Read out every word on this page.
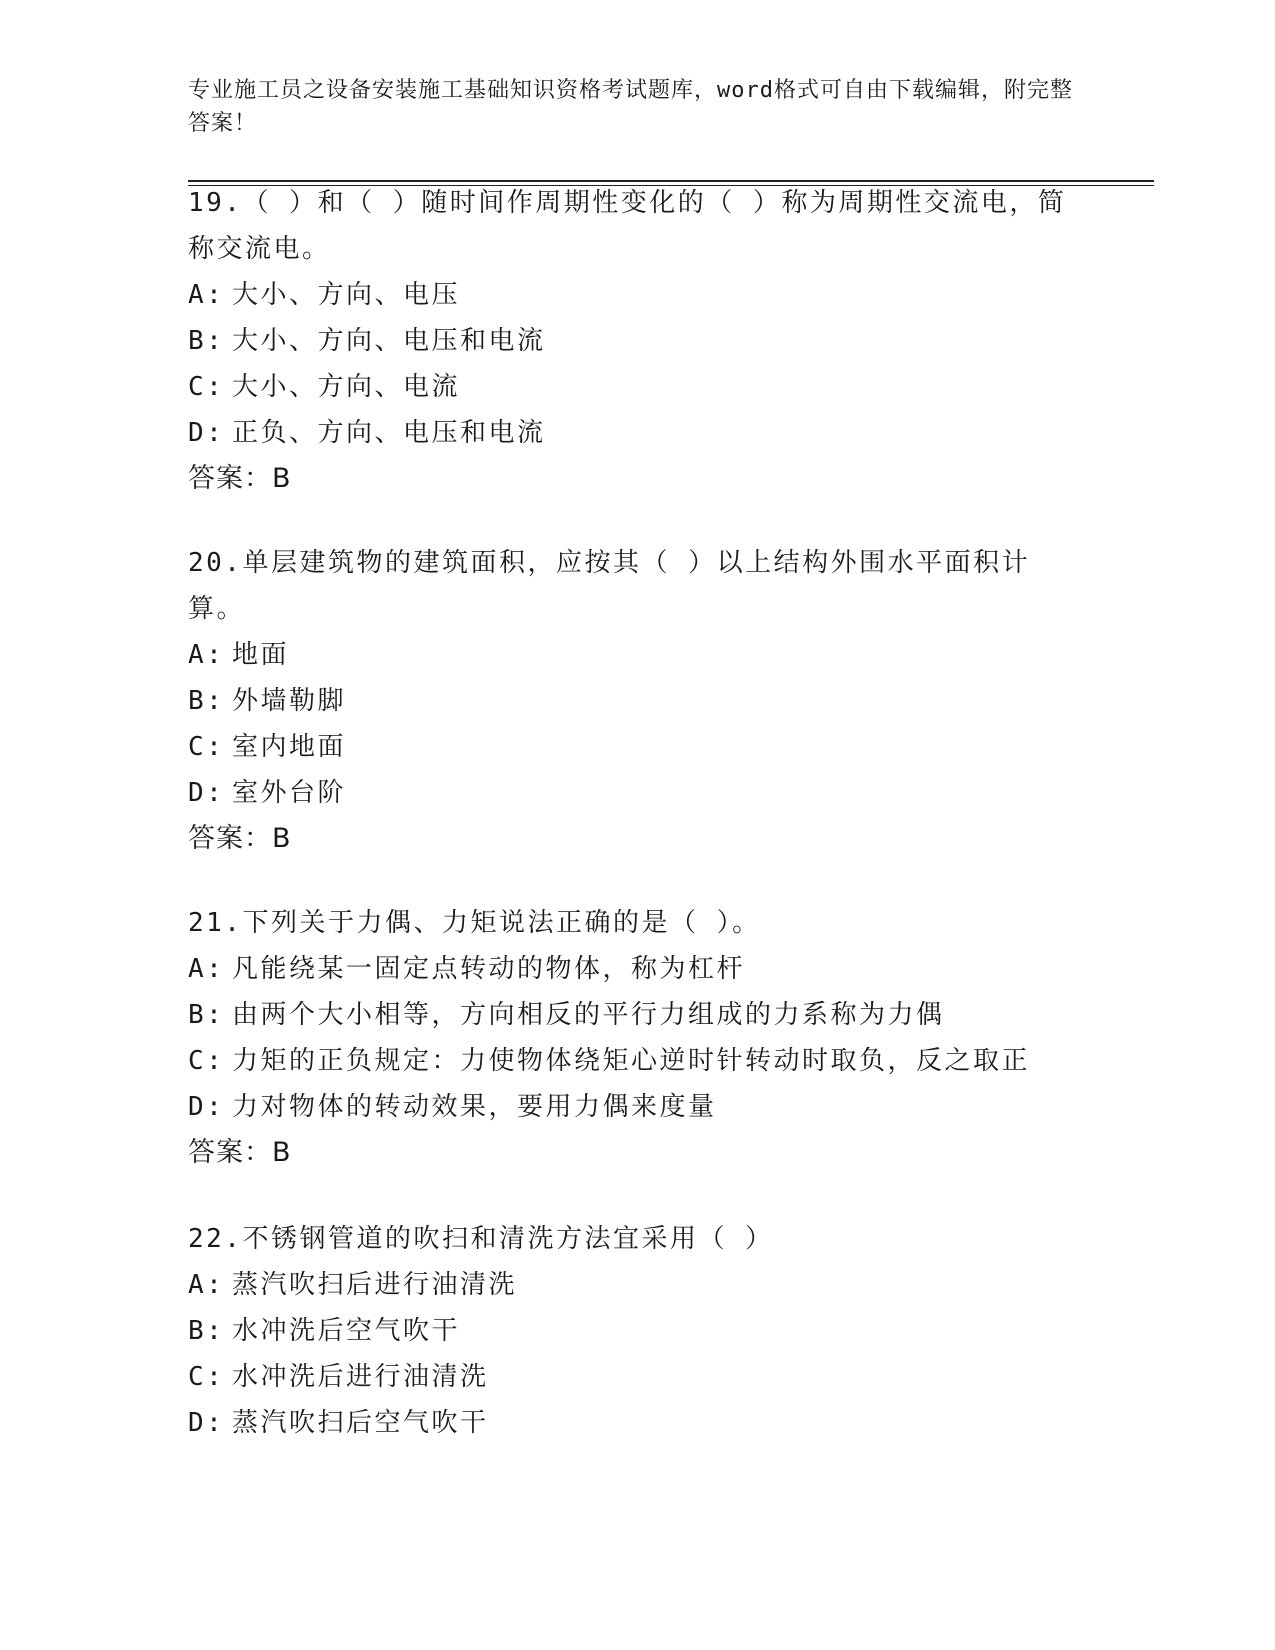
专业施工员之设备安装施工基础知识资格考试题库，word格式可自由下载编辑，附完整答案！
19.（ ）和（ ）随时间作周期性变化的（ ）称为周期性交流电，简称交流电。
A: 大小、方向、电压
B: 大小、方向、电压和电流
C: 大小、方向、电流
D: 正负、方向、电压和电流
答案：B
20.单层建筑物的建筑面积，应按其（ ）以上结构外围水平面积计算。
A: 地面
B: 外墙勒脚
C: 室内地面
D: 室外台阶
答案：B
21.下列关于力偶、力矩说法正确的是（ ）。
A: 凡能绕某一固定点转动的物体，称为杠杆
B: 由两个大小相等，方向相反的平行力组成的力系称为力偶
C: 力矩的正负规定：力使物体绕矩心逆时针转动时取负，反之取正
D: 力对物体的转动效果，要用力偶来度量
答案：B
22.不锈钢管道的吹扫和清洗方法宜采用（ ）
A: 蒸汽吹扫后进行油清洗
B: 水冲洗后空气吹干
C: 水冲洗后进行油清洗
D: 蒸汽吹扫后空气吹干
